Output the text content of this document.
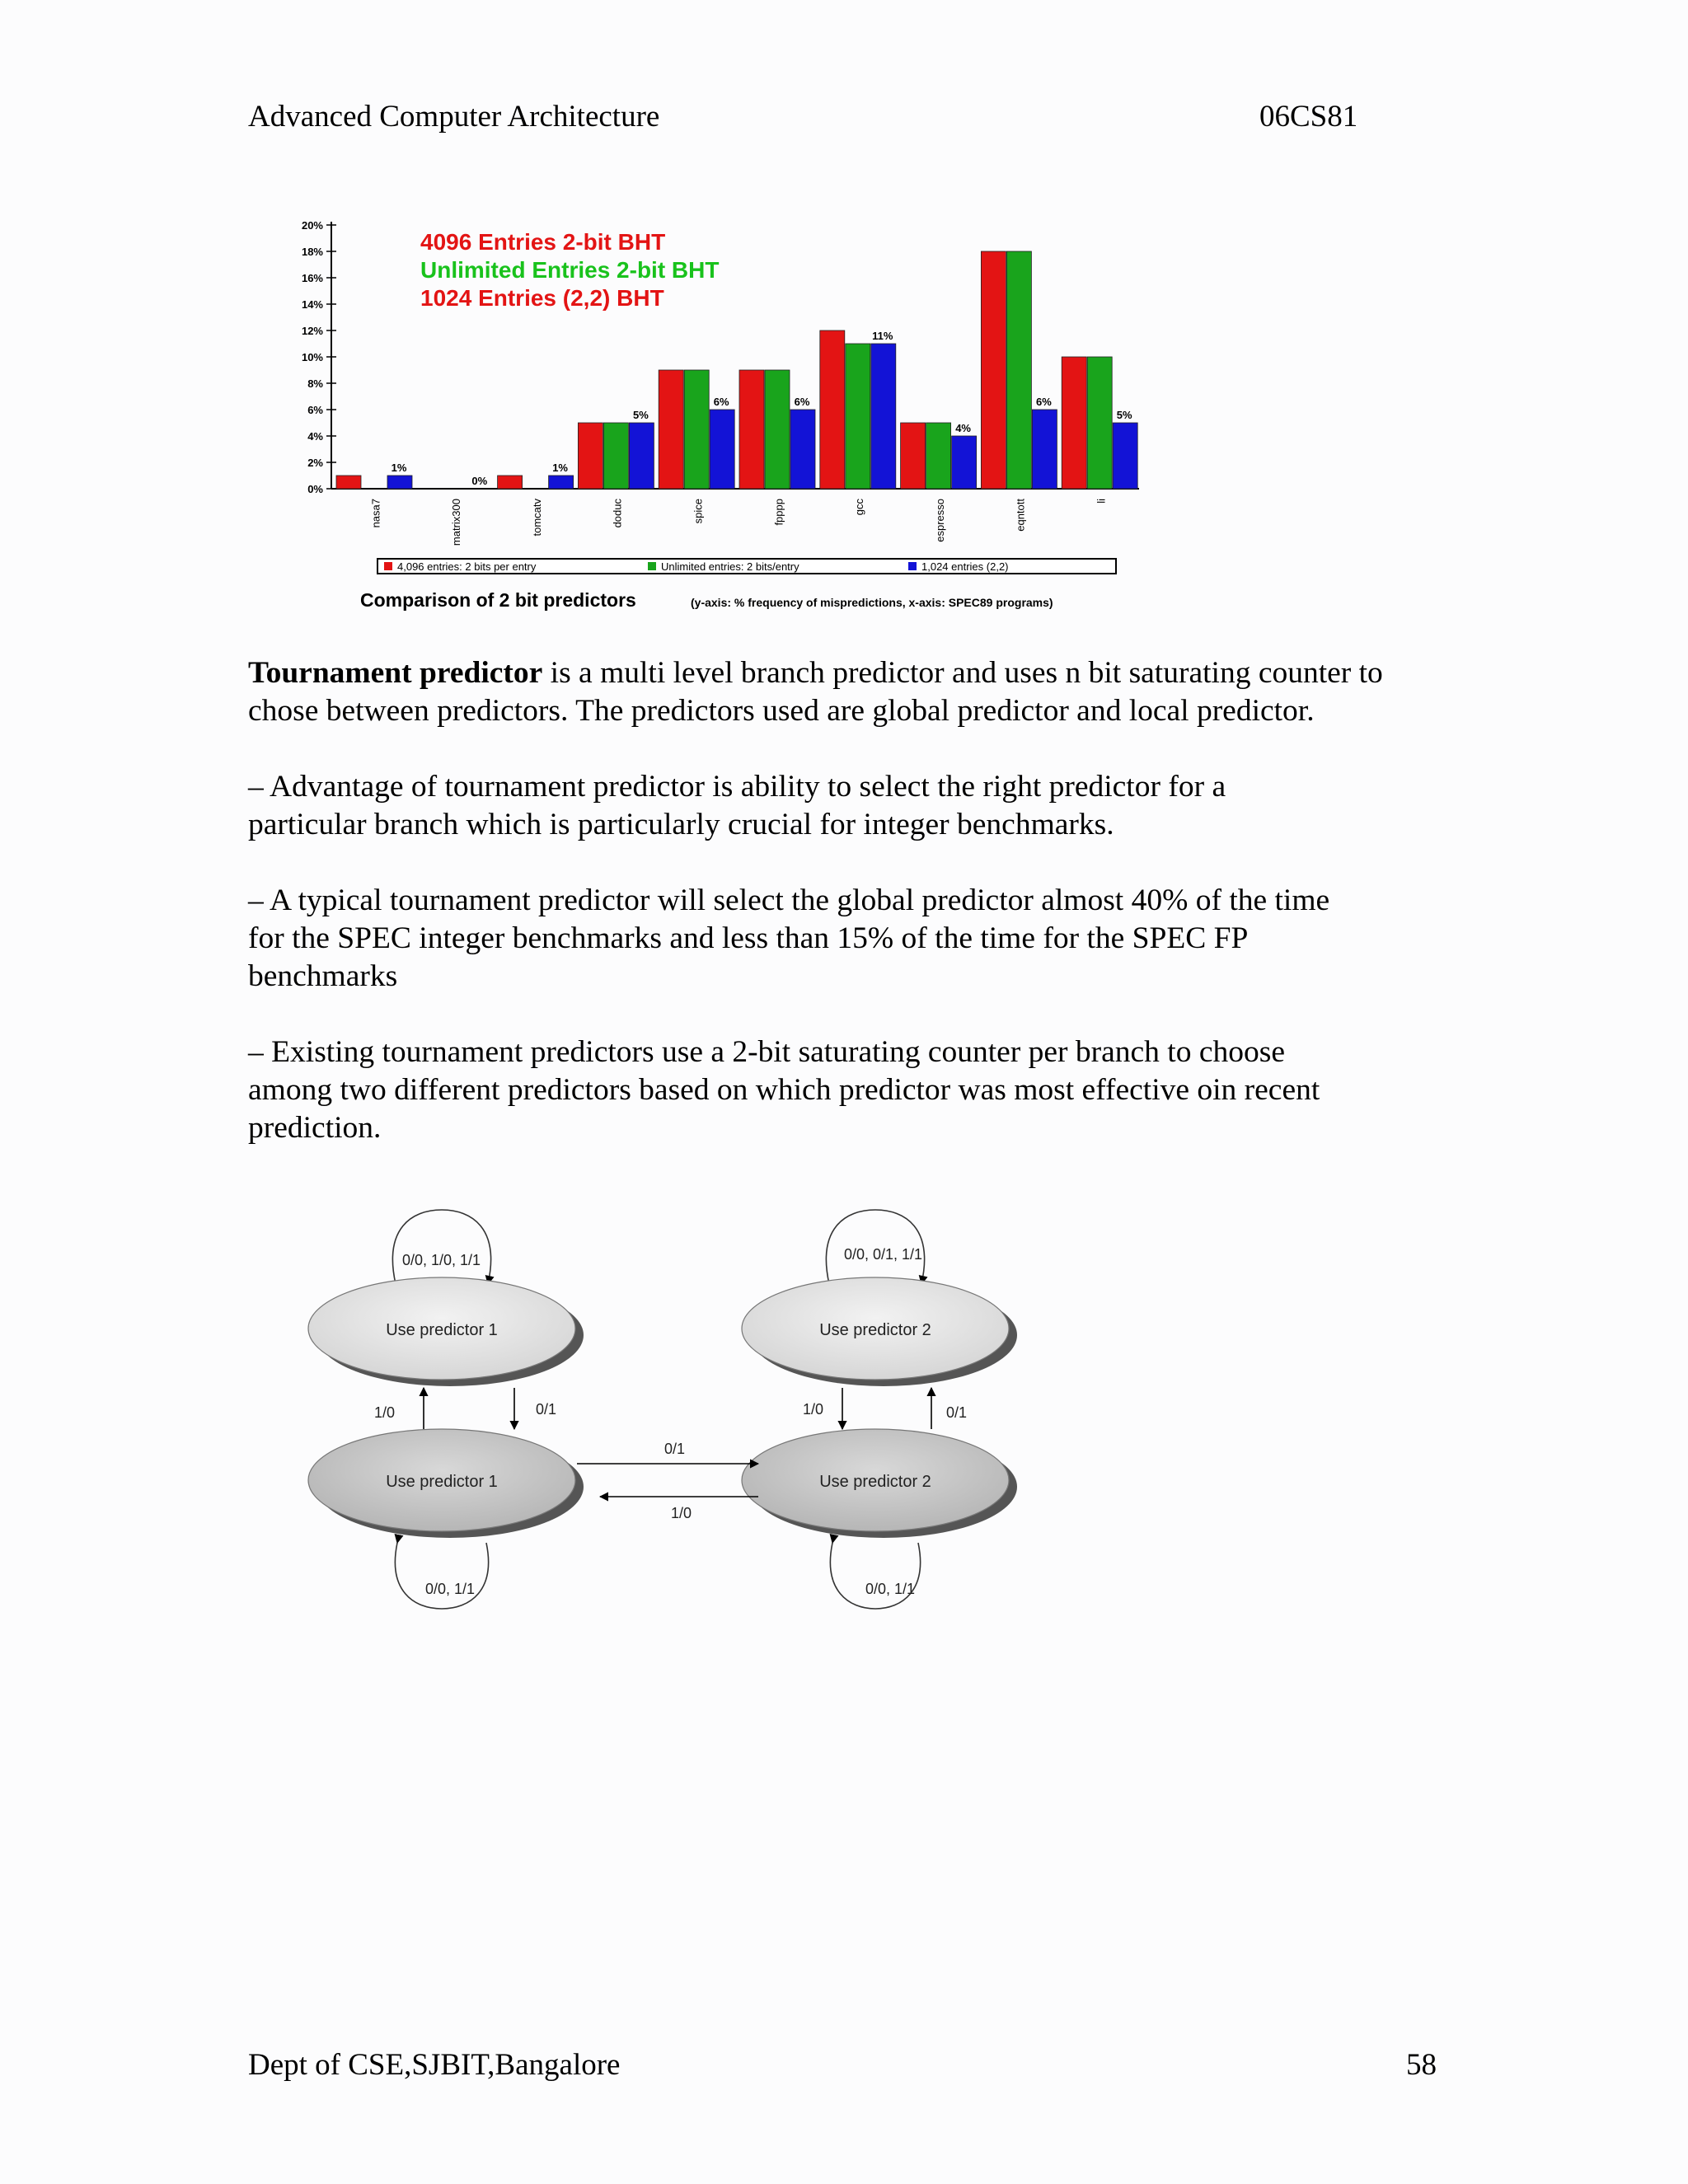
Advanced Computer Architecture	06CS81
0%
2%
4%
6%
8%
10%
12%
14%
16%
18%
20%
1%
0%
1%
5%
6%	6%
11%
4%
6%
5%
nasa7	matrix300	tomcatv	doduc	spice	fpppp	gcc	espresso	eqntott	li
4096 Entries 2-bit BHT
Unlimited Entries 2-bit BHT
1024 Entries (2,2) BHT
4,096 entries: 2 bits per entry	Unlimited entries: 2 bits/entry	1,024 entries (2,2)
Comparison of 2 bit predictors	(y-axis: % frequency of mispredictions, x-axis: SPEC89 programs)
Tournament predictor is a multi level branch predictor and uses n bit saturating counter to chose between predictors. The predictors used are global predictor and local predictor.
– Advantage of tournament predictor is ability to select the right predictor for a particular branch which is particularly crucial for integer benchmarks.
– A typical tournament predictor will select the global predictor almost 40% of the time for the SPEC integer benchmarks and less than 15% of the time for the SPEC FP benchmarks
– Existing tournament predictors use a 2-bit saturating counter per branch to choose among two different predictors based on which predictor was most effective oin recent prediction.
Use predictor 1	Use predictor 2
Use predictor 1	Use predictor 2
0/0, 1/0, 1/1	0/0, 0/1, 1/1
0/0, 1/1	0/0, 1/1
1/0	0/1	1/0	0/1
0/1
1/0
Dept of CSE,SJBIT,Bangalore	58
